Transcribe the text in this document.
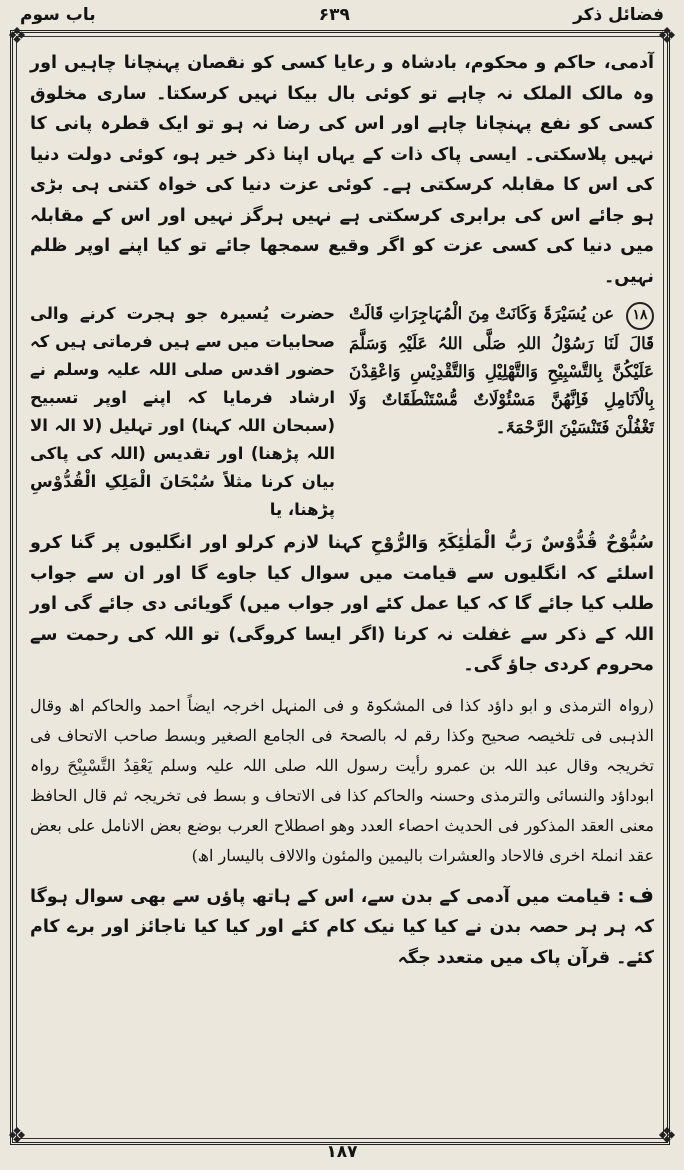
❖	❖
❖	❖
فضائل ذکر
۶۳۹
باب سوم

آدمی، حاکم و محکوم، بادشاہ و رعایا کسی کو نقصان پہنچانا چاہیں اور وہ مالک الملک نہ چاہے تو کوئی بال بیکا نہیں کرسکتا۔ ساری مخلوق کسی کو نفع پہنچانا چاہے اور اس کی رضا نہ ہو تو ایک قطرہ پانی کا نہیں پلاسکتی۔ ایسی پاک ذات کے یہاں اپنا ذکر خیر ہو، کوئی دولت دنیا کی اس کا مقابلہ کرسکتی ہے۔ کوئی عزت دنیا کی خواہ کتنی ہی بڑی ہو جائے اس کی برابری کرسکتی ہے نہیں ہرگز نہیں اور اس کے مقابلہ میں دنیا کی کسی عزت کو اگر وقیع سمجھا جائے تو کیا اپنے اوپر ظلم نہیں۔

۱۸ عن یُسَیْرَۃَ وَکَانَتْ مِنَ الْمُہَاجِرَاتِ قَالَتْ قَالَ لَنَا رَسُوْلُ اللہِ صَلَّی اللہُ عَلَیْہِ وَسَلَّمَ عَلَیْکُنَّ بِالتَّسْبِیْحِ وَالتَّھْلِیْلِ وَالتَّقْدِیْسِ وَاعْقِدْنَ بِالْاَنَامِلِ فَاِنَّھُنَّ مَسْئُوْلَاتٌ مُّسْتَنْطَقَاتٌ وَلَا تَغْفُلْنَ فَتَنْسَیْنَ الرَّحْمَۃَ۔
حضرت یُسیرہ جو ہجرت کرنے والی صحابیات میں سے ہیں فرماتی ہیں کہ حضور اقدس صلی اللہ علیہ وسلم نے ارشاد فرمایا کہ اپنے اوپر تسبیح (سبحان اللہ کہنا) اور تہلیل (لا الہ الا اللہ پڑھنا) اور تقدیس (اللہ کی پاکی بیان کرنا مثلاً سُبْحَانَ الْمَلِکِ الْقُدُّوْسِ پڑھنا، یا

سُبُّوْحٌ قُدُّوْسٌ رَبُّ الْمَلٰئِکَۃِ وَالرُّوْحِ کہنا لازم کرلو اور انگلیوں پر گنا کرو اسلئے کہ انگلیوں سے قیامت میں سوال کیا جاوے گا اور ان سے جواب طلب کیا جائے گا کہ کیا عمل کئے اور جواب میں) گویائی دی جائے گی اور اللہ کے ذکر سے غفلت نہ کرنا (اگر ایسا کروگی) تو اللہ کی رحمت سے محروم کردی جاؤ گی۔

(رواہ الترمذی و ابو داؤد کذا فی المشکوۃ و فی المنہل اخرجہ ایضاً احمد والحاکم اھ وقال الذہبی فی تلخیصہ صحیح وکذا رقم لہ بالصحۃ فی الجامع الصغیر وبسط صاحب الاتحاف فی تخریجہ وقال عبد اللہ بن عمرو رأیت رسول اللہ صلی اللہ علیہ وسلم یَعْقِدُ التَّسْبِیْحَ رواہ ابوداؤد والنسائی والترمذی وحسنہ والحاکم کذا فی الاتحاف و بسط فی تخریجہ ثم قال الحافظ معنی العقد المذکور فی الحدیث احصاء العدد وھو اصطلاح العرب بوضع بعض الانامل علی بعض عقد انملۃ اخری فالاحاد والعشرات بالیمین والمئون والالاف بالیسار اھ)

ف: قیامت میں آدمی کے بدن سے، اس کے ہاتھ پاؤں سے بھی سوال ہوگا کہ ہر ہر حصہ بدن نے کیا کیا نیک کام کئے اور کیا کیا ناجائز اور برے کام کئے۔ قرآن پاک میں متعدد جگہ

۱۸۷
